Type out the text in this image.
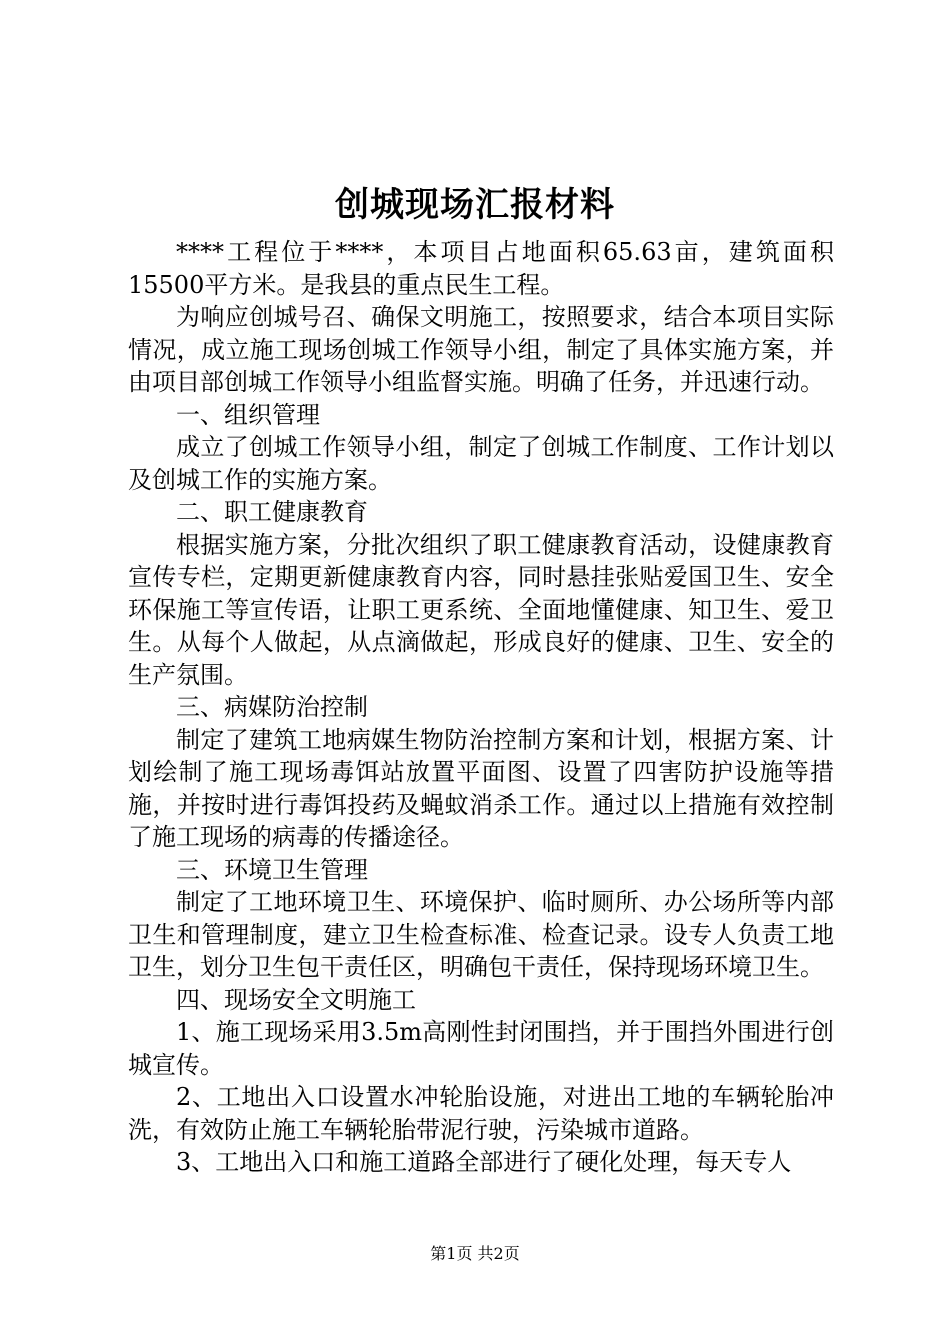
创城现场汇报材料

****工程位于****，本项目占地面积65.63亩，建筑面积15500平方米。是我县的重点民生工程。

为响应创城号召、确保文明施工，按照要求，结合本项目实际情况，成立施工现场创城工作领导小组，制定了具体实施方案，并由项目部创城工作领导小组监督实施。明确了任务，并迅速行动。

一、组织管理

成立了创城工作领导小组，制定了创城工作制度、工作计划以及创城工作的实施方案。

二、职工健康教育

根据实施方案，分批次组织了职工健康教育活动，设健康教育宣传专栏，定期更新健康教育内容，同时悬挂张贴爱国卫生、安全环保施工等宣传语，让职工更系统、全面地懂健康、知卫生、爱卫生。从每个人做起，从点滴做起，形成良好的健康、卫生、安全的生产氛围。

三、病媒防治控制

制定了建筑工地病媒生物防治控制方案和计划，根据方案、计划绘制了施工现场毒饵站放置平面图、设置了四害防护设施等措施，并按时进行毒饵投药及蝇蚊消杀工作。通过以上措施有效控制了施工现场的病毒的传播途径。

三、环境卫生管理

制定了工地环境卫生、环境保护、临时厕所、办公场所等内部卫生和管理制度，建立卫生检查标准、检查记录。设专人负责工地卫生，划分卫生包干责任区，明确包干责任，保持现场环境卫生。

四、现场安全文明施工

1、施工现场采用3.5m高刚性封闭围挡，并于围挡外围进行创城宣传。

2、工地出入口设置水冲轮胎设施，对进出工地的车辆轮胎冲洗，有效防止施工车辆轮胎带泥行驶，污染城市道路。

3、工地出入口和施工道路全部进行了硬化处理，每天专人

第1页 共2页
